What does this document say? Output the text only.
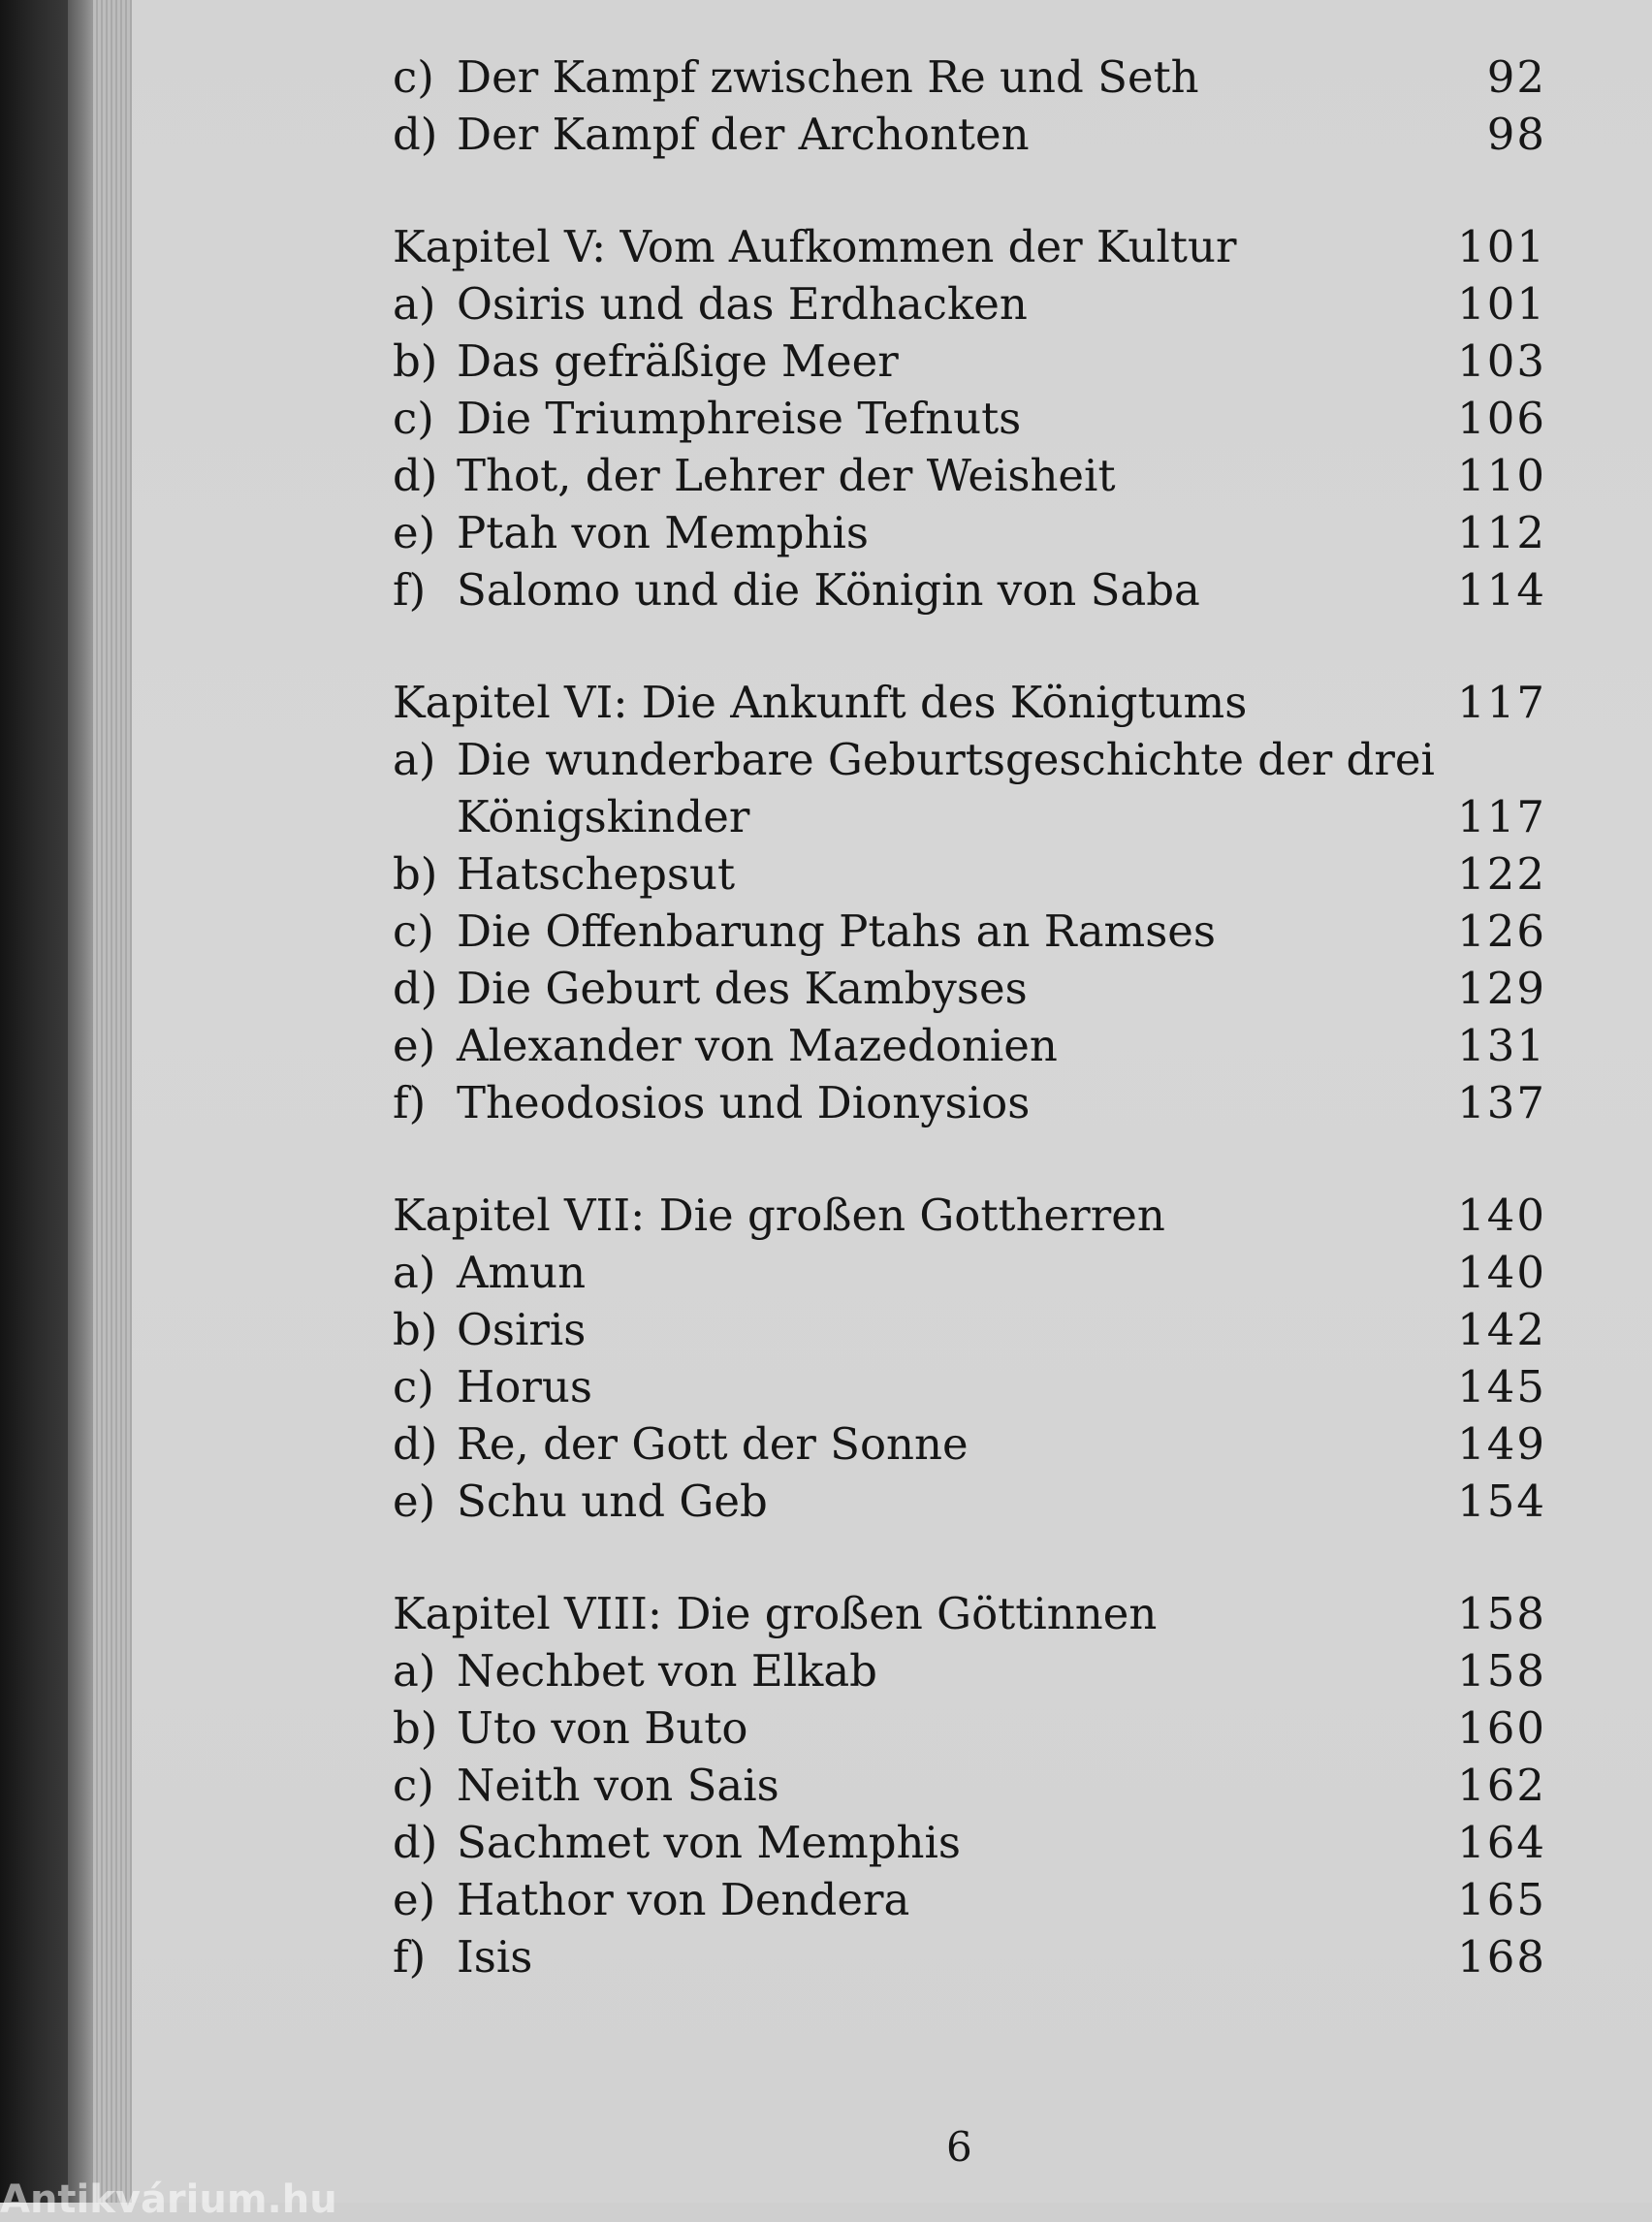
c) Der Kampf zwischen Re und Seth	92
d) Der Kampf der Archonten	98
Kapitel V: Vom Aufkommen der Kultur	101
a) Osiris und das Erdhacken	101
b) Das gefräßige Meer	103
c) Die Triumphreise Tefnuts	106
d) Thot, der Lehrer der Weisheit	110
e) Ptah von Memphis	112
f) Salomo und die Königin von Saba	114
Kapitel VI: Die Ankunft des Königtums	117
a) Die wunderbare Geburtsgeschichte der drei
Königskinder	117
b) Hatschepsut	122
c) Die Offenbarung Ptahs an Ramses	126
d) Die Geburt des Kambyses	129
e) Alexander von Mazedonien	131
f) Theodosios und Dionysios	137
Kapitel VII: Die großen Gottherren	140
a) Amun	140
b) Osiris	142
c) Horus	145
d) Re, der Gott der Sonne	149
e) Schu und Geb	154
Kapitel VIII: Die großen Göttinnen	158
a) Nechbet von Elkab	158
b) Uto von Buto	160
c) Neith von Sais	162
d) Sachmet von Memphis	164
e) Hathor von Dendera	165
f) Isis	168
6
Antikvárium.hu
